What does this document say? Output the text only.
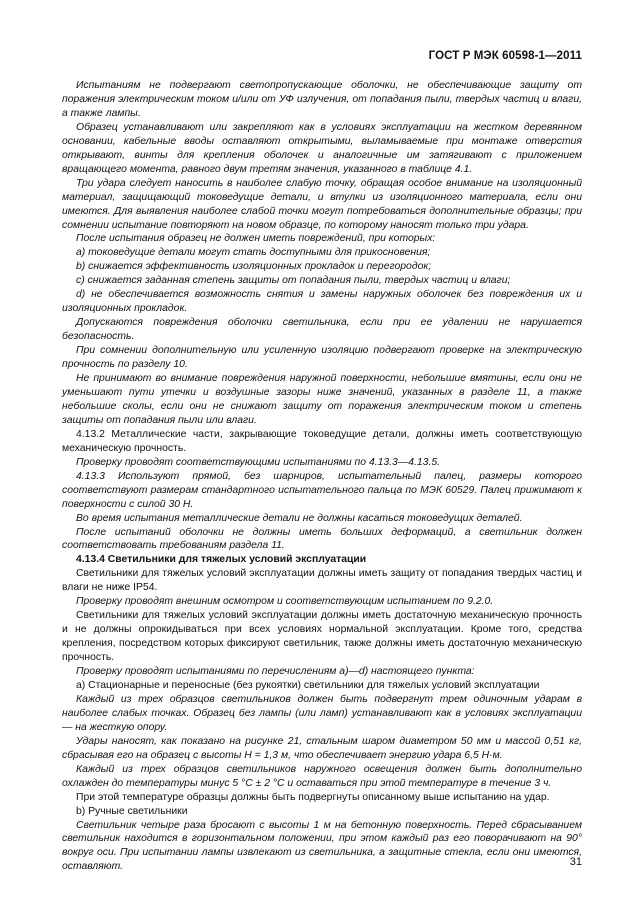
ГОСТ Р МЭК 60598-1—2011

Испытаниям не подвергают светопропускающие оболочки, не обеспечивающие защиту от поражения электрическим током и/или от УФ излучения, от попадания пыли, твердых частиц и влаги, а также лампы.

Образец устанавливают или закрепляют как в условиях эксплуатации на жестком деревянном основании, кабельные вводы оставляют открытыми, выламываемые при монтаже отверстия открывают, винты для крепления оболочек и аналогичные им затягивают с приложением вращающего момента, равного двум третям значения, указанного в таблице 4.1.

Три удара следует наносить в наиболее слабую точку, обращая особое внимание на изоляционный материал, защищающий токоведущие детали, и втулки из изоляционного материала, если они имеются. Для выявления наиболее слабой точки могут потребоваться дополнительные образцы; при сомнении испытание повторяют на новом образце, по которому наносят только три удара.

После испытания образец не должен иметь повреждений, при которых:

a) токоведущие детали могут стать доступными для прикосновения;

b) снижается эффективность изоляционных прокладок и перегородок;

c) снижается заданная степень защиты от попадания пыли, твердых частиц и влаги;

d) не обеспечивается возможность снятия и замены наружных оболочек без повреждения их и изоляционных прокладок.

Допускаются повреждения оболочки светильника, если при ее удалении не нарушается безопасность.

При сомнении дополнительную или усиленную изоляцию подвергают проверке на электрическую прочность по разделу 10.

Не принимают во внимание повреждения наружной поверхности, небольшие вмятины, если они не уменьшают пути утечки и воздушные зазоры ниже значений, указанных в разделе 11, а также небольшие сколы, если они не снижают защиту от поражения электрическим током и степень защиты от попадания пыли или влаги.

4.13.2 Металлические части, закрывающие токоведущие детали, должны иметь соответствующую механическую прочность.

Проверку проводят соответствующими испытаниями по 4.13.3—4.13.5.

4.13.3 Используют прямой, без шарниров, испытательный палец, размеры которого соответствуют размерам стандартного испытательного пальца по МЭК 60529. Палец прижимают к поверхности с силой 30 Н.

Во время испытания металлические детали не должны касаться токоведущих деталей.

После испытаний оболочки не должны иметь больших деформаций, а светильник должен соответствовать требованиям раздела 11.

4.13.4 Светильники для тяжелых условий эксплуатации

Светильники для тяжелых условий эксплуатации должны иметь защиту от попадания твердых частиц и влаги не ниже IP54.

Проверку проводят внешним осмотром и соответствующим испытанием по 9.2.0.

Светильники для тяжелых условий эксплуатации должны иметь достаточную механическую прочность и не должны опрокидываться при всех условиях нормальной эксплуатации. Кроме того, средства крепления, посредством которых фиксируют светильник, также должны иметь достаточную механическую прочность.

Проверку проводят испытаниями по перечислениям a)—d) настоящего пункта:

a) Стационарные и переносные (без рукоятки) светильники для тяжелых условий эксплуатации

Каждый из трех образцов светильников должен быть подвергнут трем одиночным ударам в наиболее слабых точках. Образец без лампы (или ламп) устанавливают как в условиях эксплуатации — на жесткую опору.

Удары наносят, как показано на рисунке 21, стальным шаром диаметром 50 мм и массой 0,51 кг, сбрасывая его на образец с высоты H = 1,3 м, что обеспечивает энергию удара 6,5 Н·м.

Каждый из трех образцов светильников наружного освещения должен быть дополнительно охлажден до температуры минус 5 °С ± 2 °С и оставаться при этой температуре в течение 3 ч.

При этой температуре образцы должны быть подвергнуты описанному выше испытанию на удар.

b) Ручные светильники

Светильник четыре раза бросают с высоты 1 м на бетонную поверхность. Перед сбрасыванием светильник находится в горизонтальном положении, при этом каждый раз его поворачивают на 90° вокруг оси. При испытании лампы извлекают из светильника, а защитные стекла, если они имеются, оставляют.	31
